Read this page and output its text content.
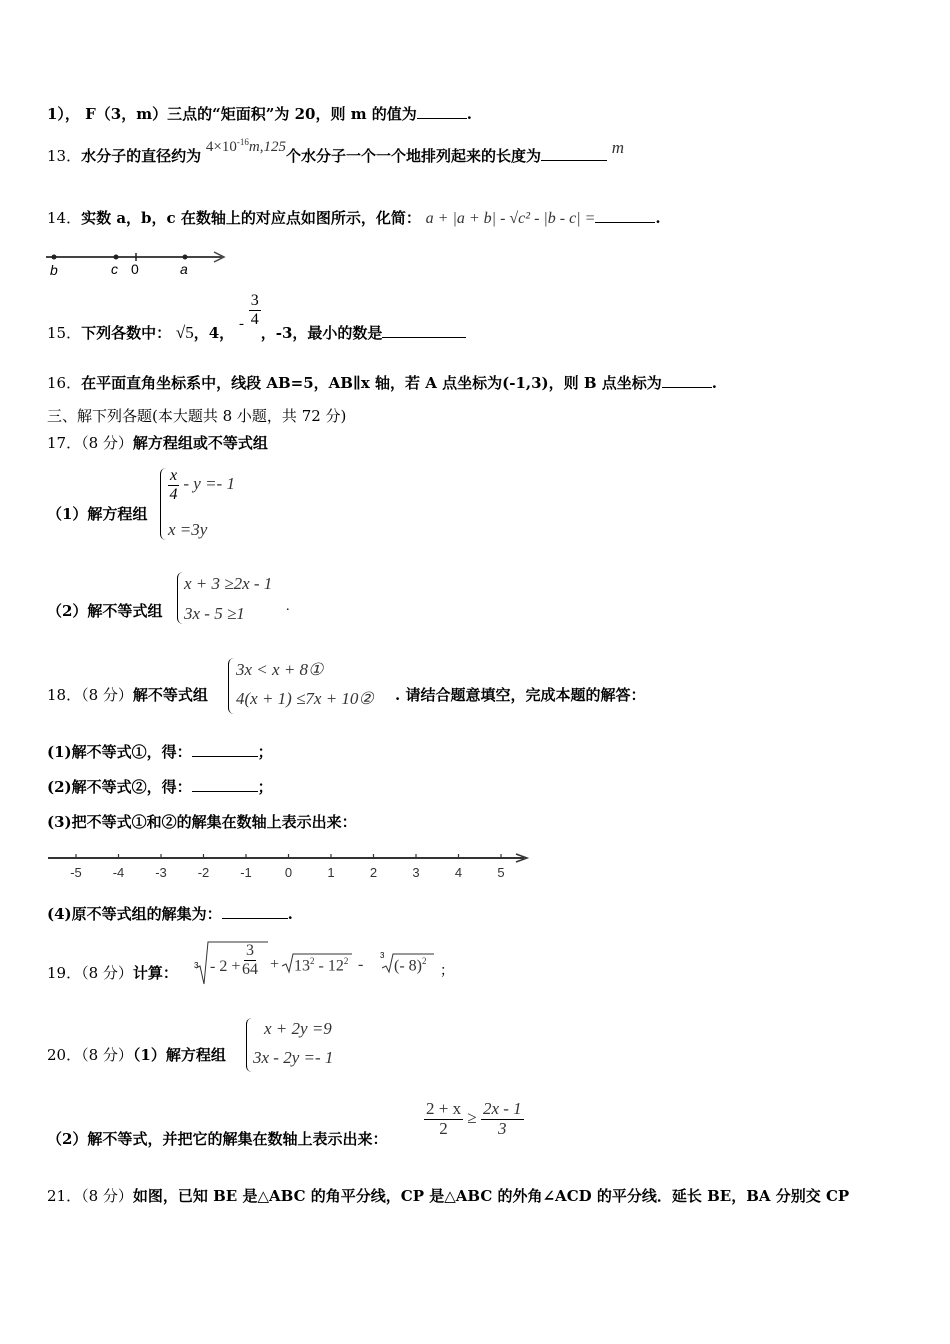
1）， F（3，m）三点的“矩面积”为 20，则 m 的值为	.
13．水分子的直径约为 $4\times 10^{-16}m,125$个水分子一个一个地排列起来的长度为	m
14．实数 a，b，c 在数轴上的对应点如图所示，化简： a + |a + b| - √c² - |b - c| =	.
b	c 0	a
15．下列各数中： √5，4， - $\frac{3}{4}$
，-3，最小的数是
16．在平面直角坐标系中，线段 AB=5，AB∥x 轴，若 A 点坐标为(-1,3)，则 B 点坐标为	.
三、解下列各题(本大题共 8 小题，共 72 分)
17．（8 分）解方程组或不等式组
（1）解方程组
$\frac{x}{4} - y =- 1$
x =3y
（2）解不等式组
x + 3 ≥2x - 1
3x - 5 ≥1	.
18．（8 分）解不等式组
3x < x + 8①
4(x + 1) ≤7x + 10② . 请结合题意填空，完成本题的解答：
(1)解不等式①，得：	；
(2)解不等式②，得：	；
(3)把不等式①和②的解集在数轴上表示出来：
-5 -4 -3 -2 -1	0	1	2	3	4	5
(4)原不等式组的解集为：	.
19．（8 分）计算： 3
3
- $2 + \frac{3}{64} + 13^2 - 12^2$ - (- 8)$^2$
；
20．（8 分）（1）解方程组
x + 2y =9
3x - 2y =- 1
（2）解不等式，并把它的解集在数轴上表示出来：
$\frac{2 + x}{2} \ge \frac{2x - 1}{3}$
21．（8 分）如图，已知 BE 是△ABC 的角平分线，CP 是△ABC 的外角∠ACD 的平分线．延长 BE，BA 分别交 CP
